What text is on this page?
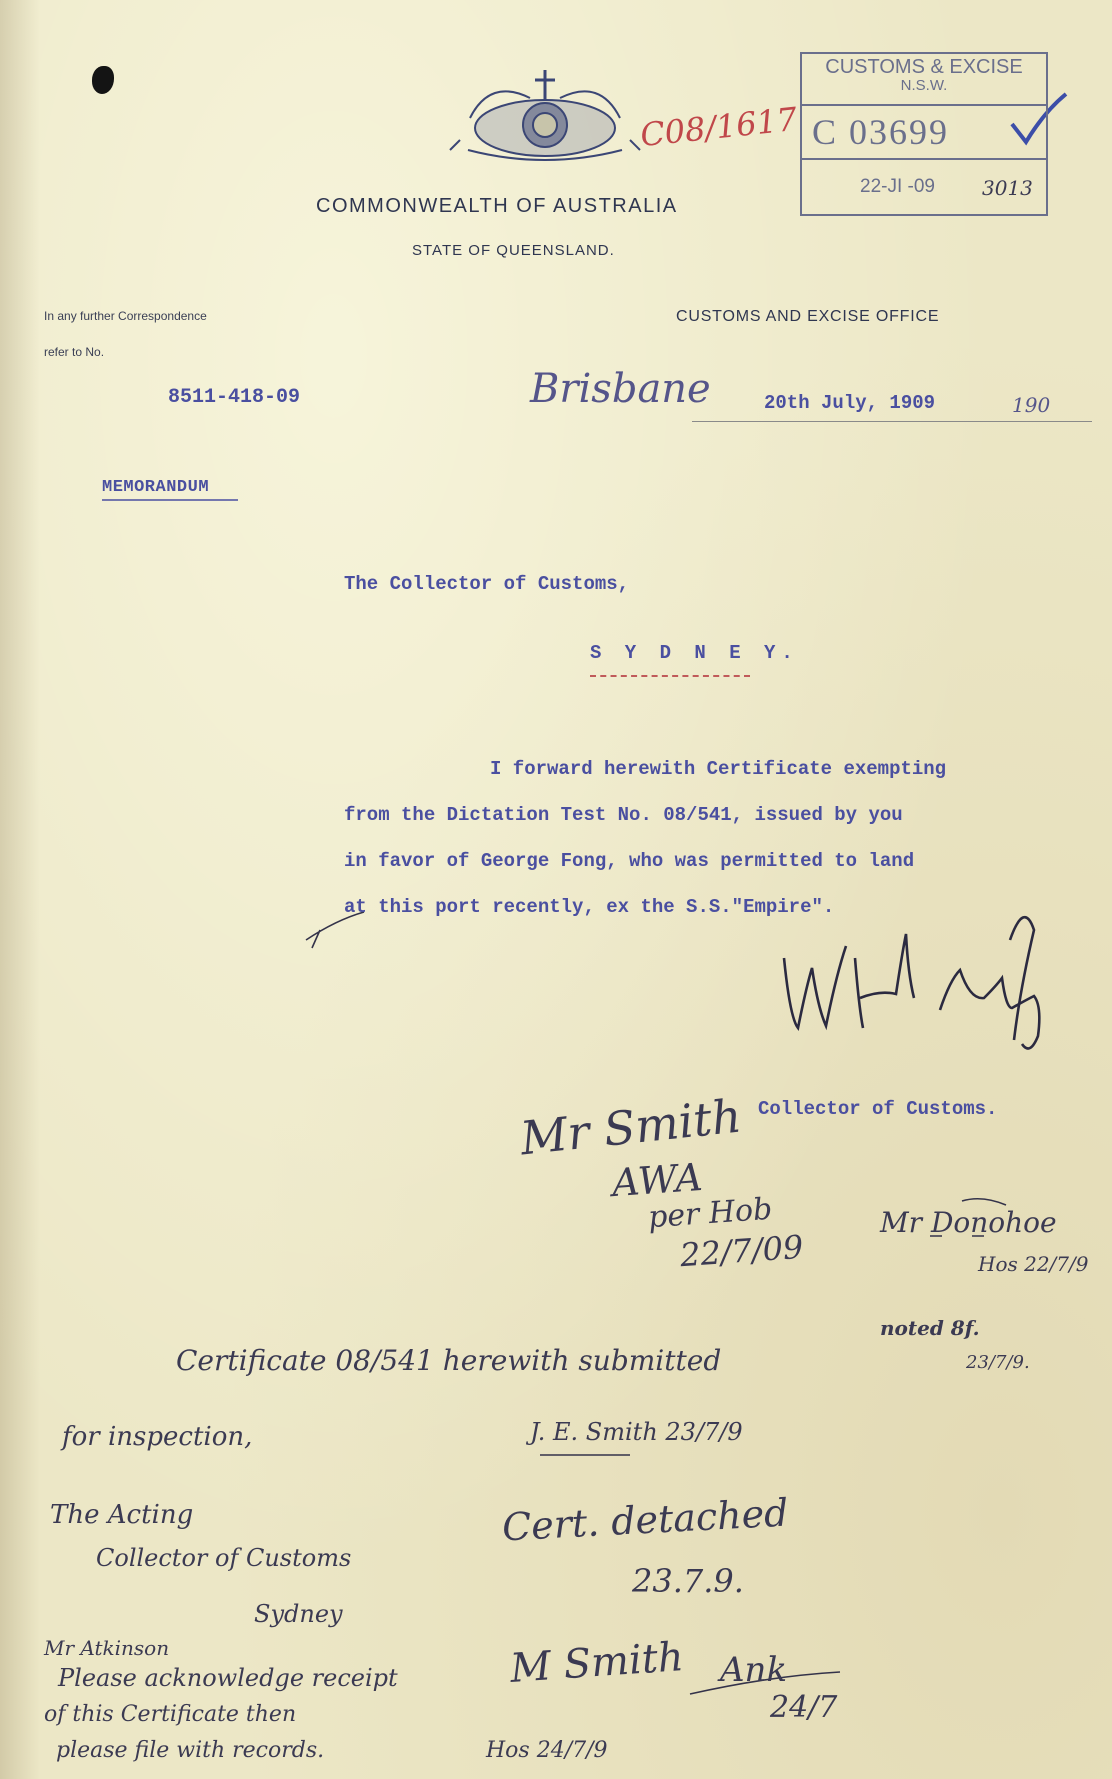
CUSTOMS & EXCISE
N.S.W.
C 03699
22-JI -09	3013
C08/1617
COMMONWEALTH OF AUSTRALIA
STATE OF QUEENSLAND.
In any further Correspondence
refer to No.
CUSTOMS AND EXCISE OFFICE
8511-418-09	Brisbane	20th July, 1909	190
MEMORANDUM
The Collector of Customs,
S Y D N E Y.
I forward herewith Certificate exempting
from the Dictation Test No. 08/541, issued by you
in favor of George Fong, who was permitted to land
at this port recently, ex the S.S."Empire".
Collector of Customs.
Mr Smith
AWA
per Hob
22/7/09
Mr Donohoe
Hos 22/7/9
noted 8f.
23/7/9.
Certificate 08/541 herewith submitted
for inspection,	J. E. Smith 23/7/9
The Acting
Collector of Customs
Sydney
Cert. detached
23.7.9.
Mr Atkinson
Please acknowledge receipt
of this Certificate then
please file with records.	Hos 24/7/9
M Smith Ank
24/7
